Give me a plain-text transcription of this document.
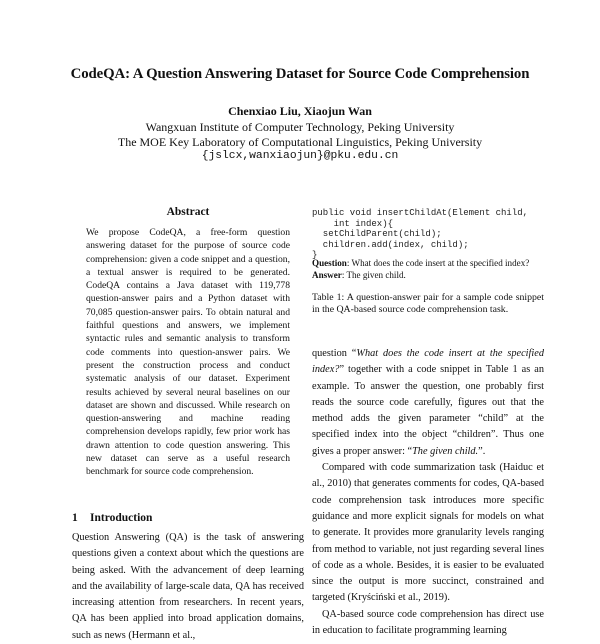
CodeQA: A Question Answering Dataset for Source Code Comprehension
Chenxiao Liu, Xiaojun Wan
Wangxuan Institute of Computer Technology, Peking University
The MOE Key Laboratory of Computational Linguistics, Peking University
{jslcx,wanxiaojun}@pku.edu.cn
Abstract

We propose CodeQA, a free-form question answering dataset for the purpose of source code comprehension: given a code snippet and a question, a textual answer is required to be generated. CodeQA contains a Java dataset with 119,778 question-answer pairs and a Python dataset with 70,085 question-answer pairs. To obtain natural and faithful questions and answers, we implement syntactic rules and semantic analysis to transform code comments into question-answer pairs. We present the construction process and conduct systematic analysis of our dataset. Experiment results achieved by several neural baselines on our dataset are shown and discussed. While research on question-answering and machine reading comprehension develops rapidly, few prior work has drawn attention to code question answering. This new dataset can serve as a useful research benchmark for source code comprehension.

1 Introduction

Question Answering (QA) is the task of answering questions given a context about which the questions are being asked. With the advancement of deep learning and the availability of large-scale data, QA has received increasing attention from researchers. In recent years, QA has been applied into broad application domains, such as news (Hermann et al.,

public void insertChildAt(Element child,
int index){
setChildParent(child);
children.add(index, child);
}
Question: What does the code insert at the specified index?
Answer: The given child.
Table 1: A question-answer pair for a sample code snippet in the QA-based source code comprehension task.

question “What does the code insert at the specified index?” together with a code snippet in Table 1 as an example. To answer the question, one probably first reads the source code carefully, figures out that the method adds the given parameter “child” at the specified index into the object “children”. Thus one gives a proper answer: “The given child.”.

Compared with code summarization task (Haiduc et al., 2010) that generates comments for codes, QA-based code comprehension task introduces more specific guidance and more explicit signals for models on what to generate. It provides more granularity levels ranging from method to variable, not just regarding several lines of code as a whole. Besides, it is easier to be evaluated since the output is more succinct, constrained and targeted (Kryściński et al., 2019).

QA-based source code comprehension has direct use in education to facilitate programming learning
